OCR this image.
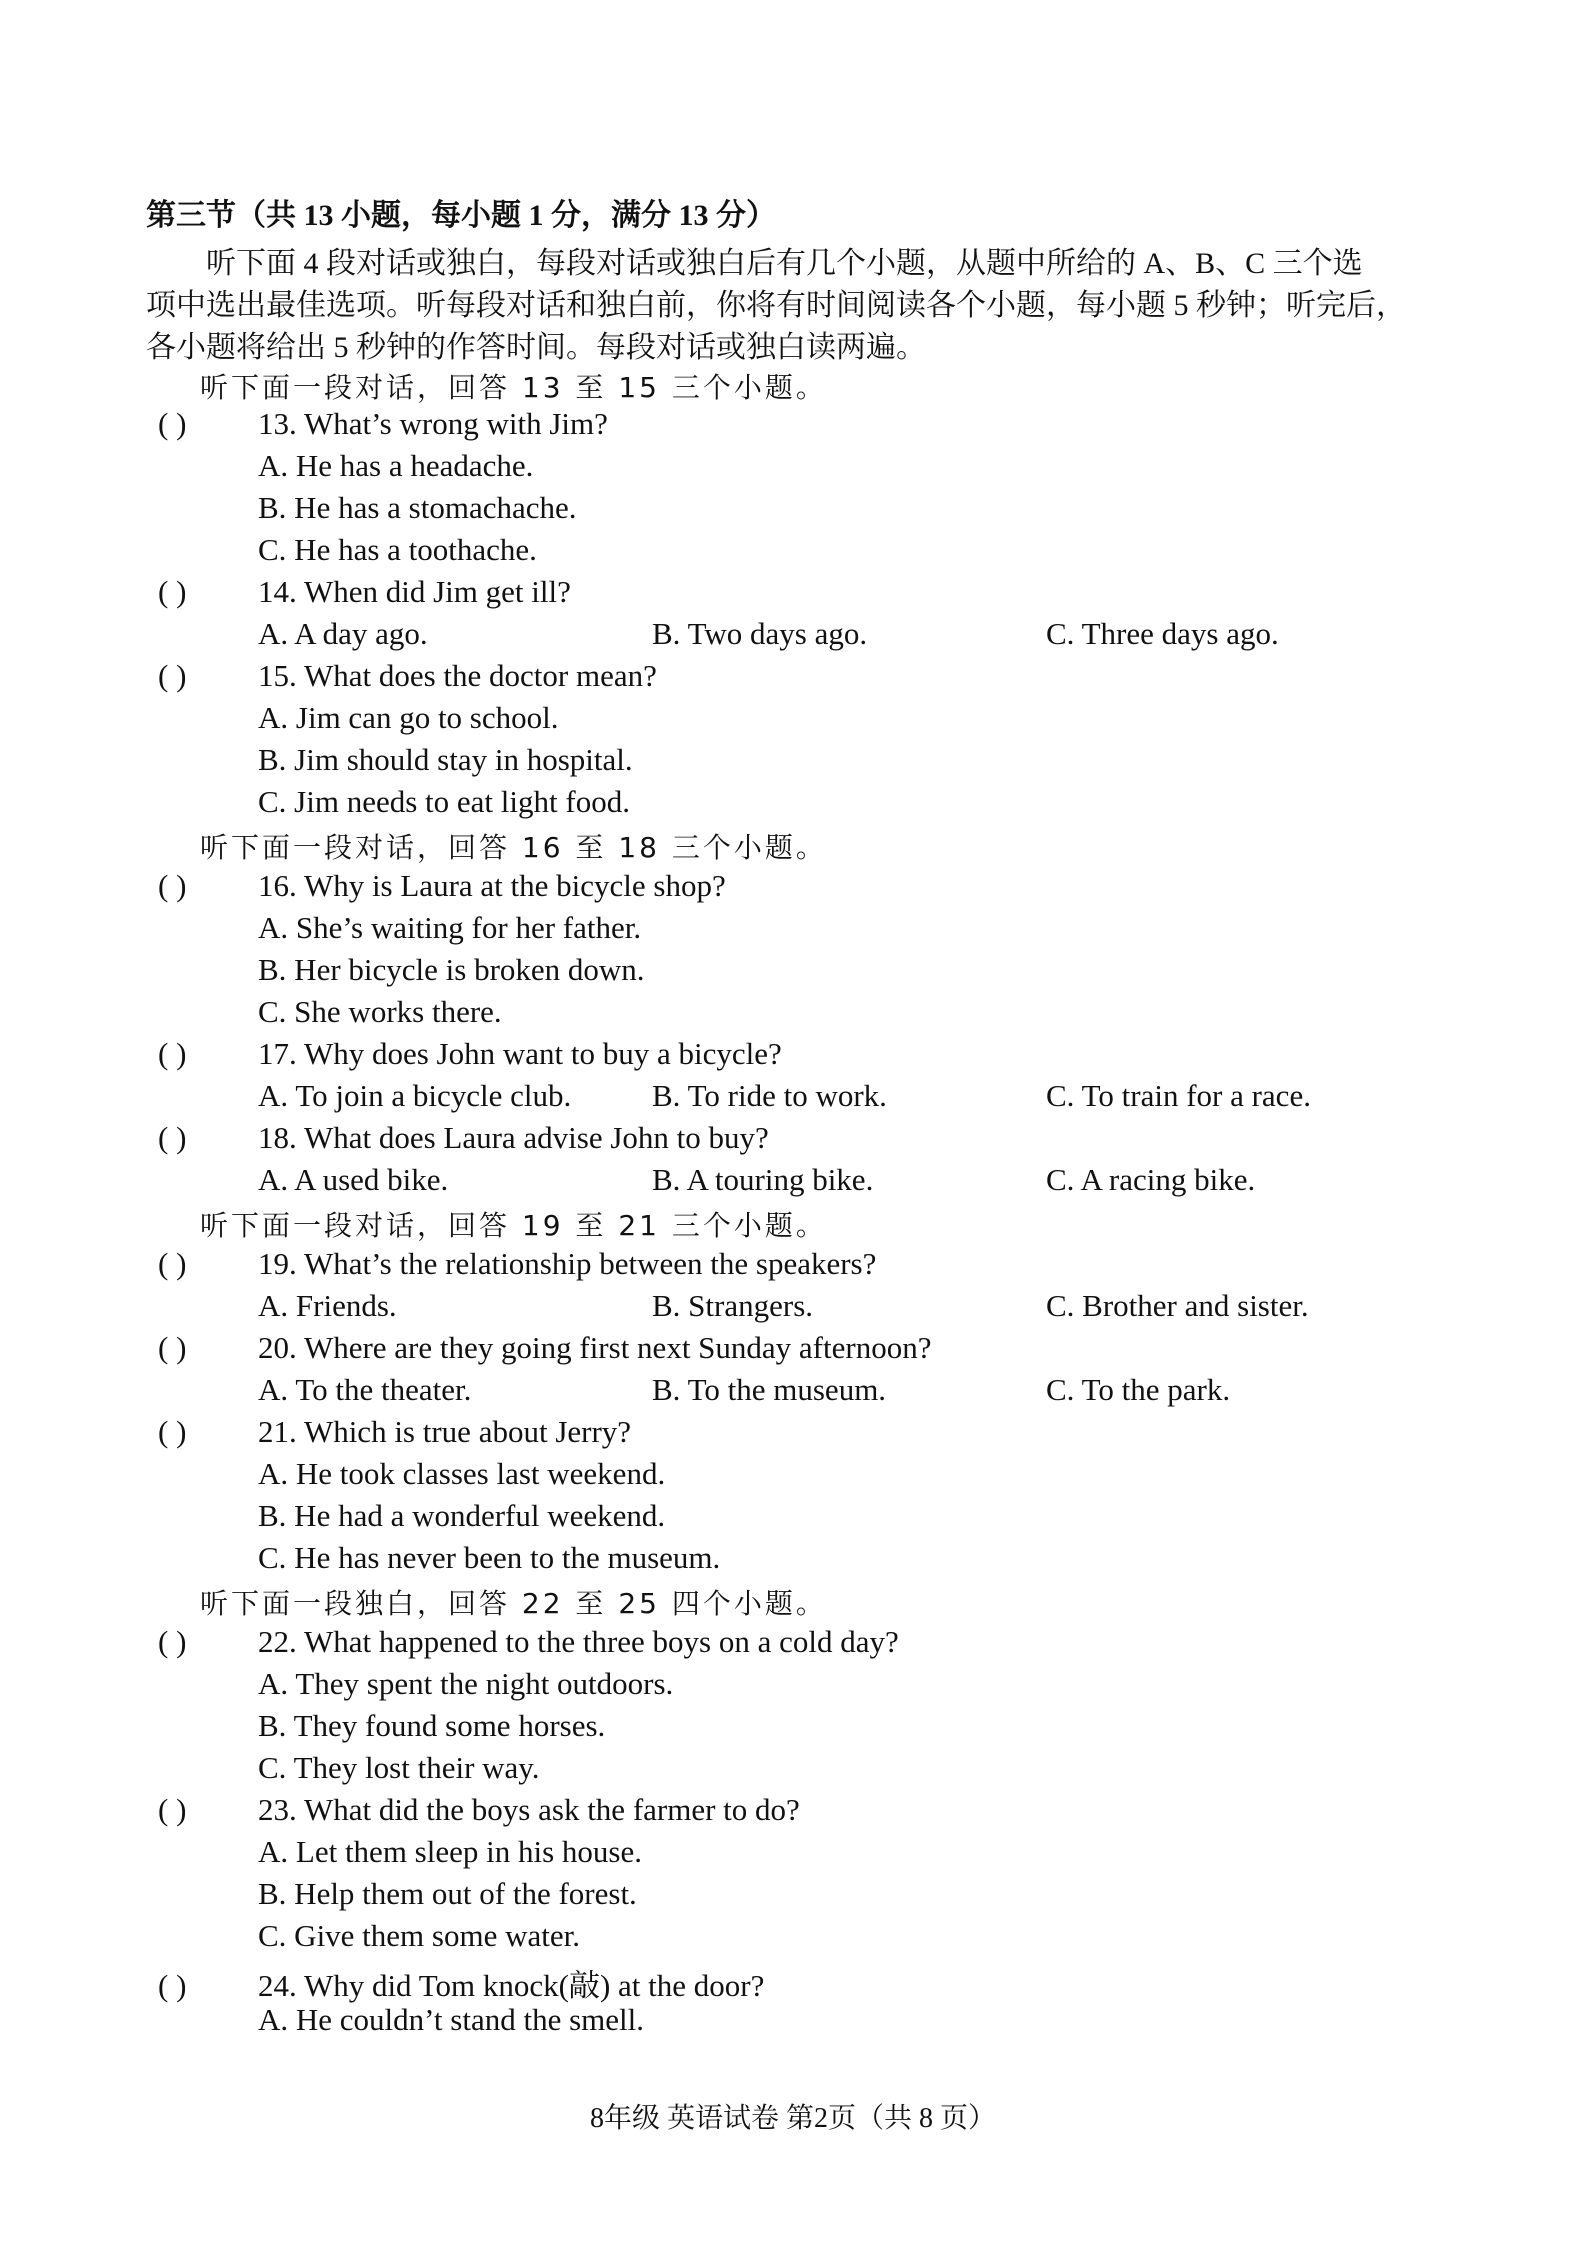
第三节（共 13 小题，每小题 1 分，满分 13 分）
　　听下面 4 段对话或独白，每段对话或独白后有几个小题，从题中所给的 A、B、C 三个选
项中选出最佳选项。听每段对话和独白前，你将有时间阅读各个小题，每小题 5 秒钟；听完后，
各小题将给出 5 秒钟的作答时间。每段对话或独白读两遍。
听下面一段对话，回答 13 至 15 三个小题。
( ) 13. What’s wrong with Jim?
A. He has a headache.
B. He has a stomachache.
C. He has a toothache.
( ) 14. When did Jim get ill?
A. A day ago.	B. Two days ago.	C. Three days ago.
( ) 15. What does the doctor mean?
A. Jim can go to school.
B. Jim should stay in hospital.
C. Jim needs to eat light food.
听下面一段对话，回答 16 至 18 三个小题。
( ) 16. Why is Laura at the bicycle shop?
A. She’s waiting for her father.
B. Her bicycle is broken down.
C. She works there.
( ) 17. Why does John want to buy a bicycle?
A. To join a bicycle club.	B. To ride to work.	C. To train for a race.
( ) 18. What does Laura advise John to buy?
A. A used bike.	B. A touring bike.	C. A racing bike.
听下面一段对话，回答 19 至 21 三个小题。
( ) 19. What’s the relationship between the speakers?
A. Friends.	B. Strangers.	C. Brother and sister.
( ) 20. Where are they going first next Sunday afternoon?
A. To the theater.	B. To the museum.	C. To the park.
( ) 21. Which is true about Jerry?
A. He took classes last weekend.
B. He had a wonderful weekend.
C. He has never been to the museum.
听下面一段独白，回答 22 至 25 四个小题。
( ) 22. What happened to the three boys on a cold day?
A. They spent the night outdoors.
B. They found some horses.
C. They lost their way.
( ) 23. What did the boys ask the farmer to do?
A. Let them sleep in his house.
B. Help them out of the forest.
C. Give them some water.
( ) 24. Why did Tom knock(敲) at the door?
A. He couldn’t stand the smell.
8年级 英语试卷 第2页（共 8 页）
